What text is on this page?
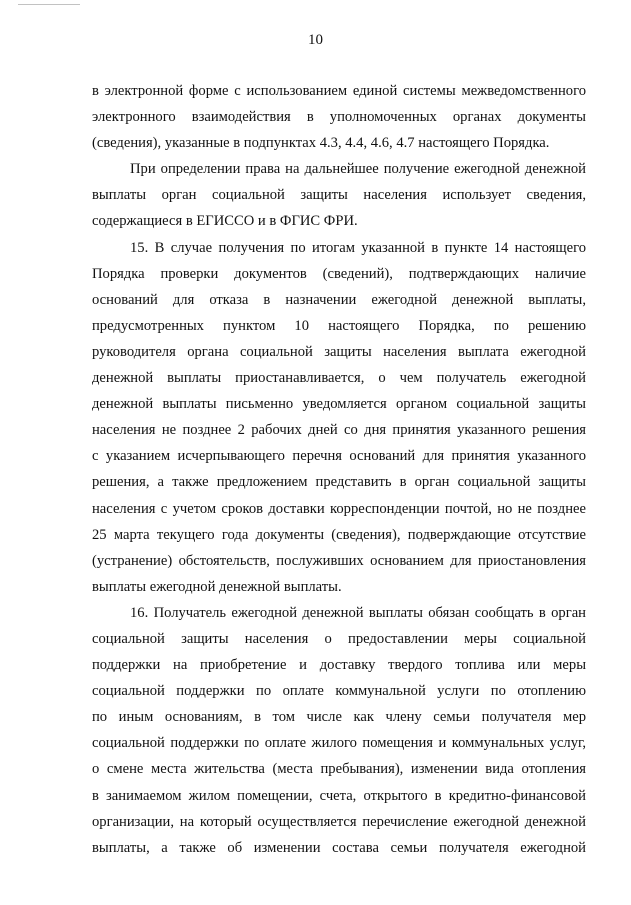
10
в электронной форме с использованием единой системы межведомственного
электронного взаимодействия в уполномоченных органах документы
(сведения), указанные в подпунктах 4.3, 4.4, 4.6, 4.7 настоящего Порядка.
При определении права на дальнейшее получение ежегодной денежной
выплаты орган социальной защиты населения использует сведения,
содержащиеся в ЕГИССО и в ФГИС ФРИ.
15. В случае получения по итогам указанной в пункте 14 настоящего
Порядка проверки документов (сведений), подтверждающих наличие
оснований для отказа в назначении ежегодной денежной выплаты,
предусмотренных пунктом 10 настоящего Порядка, по решению
руководителя органа социальной защиты населения выплата ежегодной
денежной выплаты приостанавливается, о чем получатель ежегодной
денежной выплаты письменно уведомляется органом социальной защиты
населения не позднее 2 рабочих дней со дня принятия указанного решения
с указанием исчерпывающего перечня оснований для принятия указанного
решения, а также предложением представить в орган социальной защиты
населения с учетом сроков доставки корреспонденции почтой, но не позднее
25 марта текущего года документы (сведения), подверждающие отсутствие
(устранение) обстоятельств, послуживших основанием для приостановления
выплаты ежегодной денежной выплаты.
16. Получатель ежегодной денежной выплаты обязан сообщать в орган
социальной защиты населения о предоставлении меры социальной
поддержки на приобретение и доставку твердого топлива или меры
социальной поддержки по оплате коммунальной услуги по отоплению
по иным основаниям, в том числе как члену семьи получателя мер
социальной поддержки по оплате жилого помещения и коммунальных услуг,
о смене места жительства (места пребывания), изменении вида отопления
в занимаемом жилом помещении, счета, открытого в кредитно-финансовой
организации, на который осуществляется перечисление ежегодной денежной
выплаты, а также об изменении состава семьи получателя ежегодной
